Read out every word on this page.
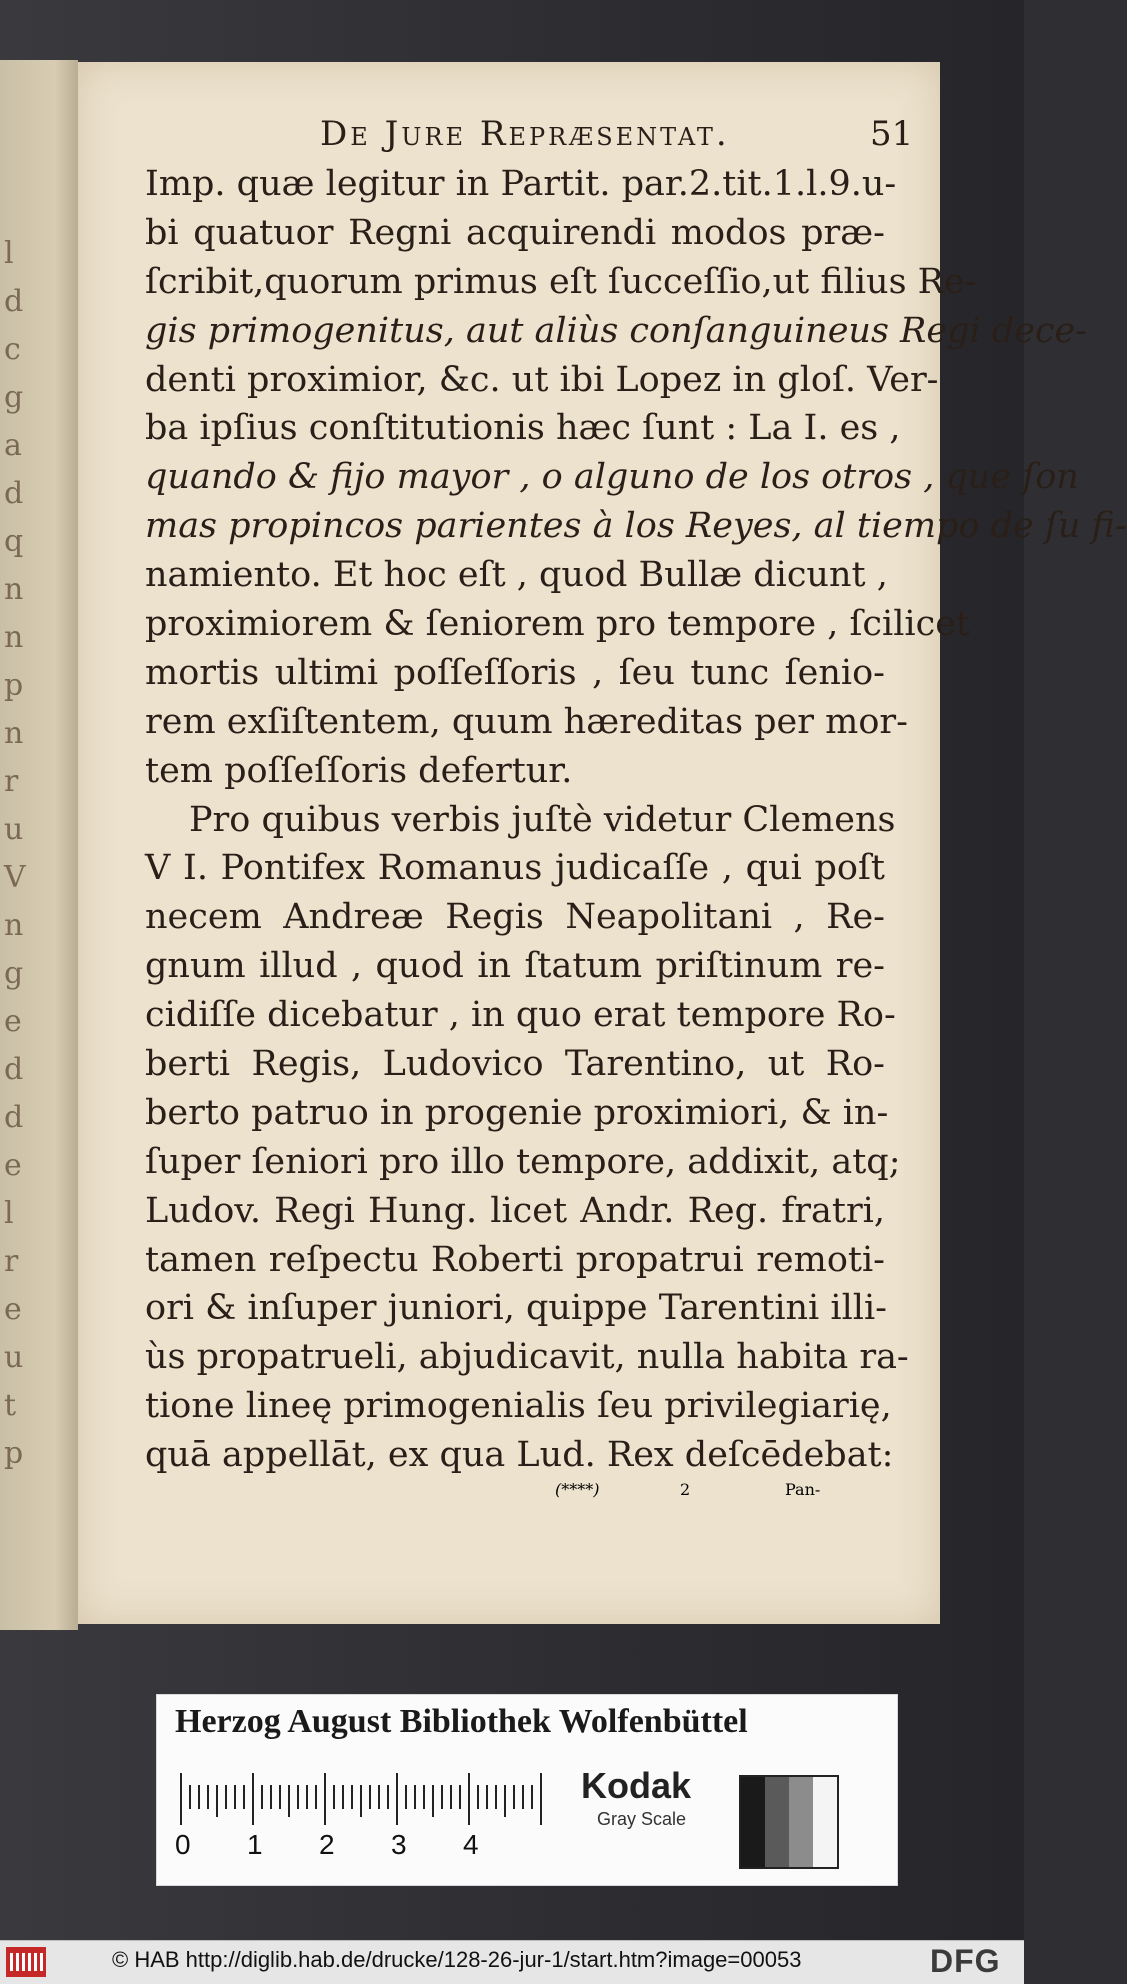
l
d
c
g
a
d
q
n
n
p
n
r
u
V
n
g
e
d
d
e
l
r
e
u
t
p
De Jure Repræsentat.	51
Imp. quæ legitur in Partit. par.2.tit.1.l.9.u-
bi quatuor Regni acquirendi modos præ-
ſcribit,quorum primus eſt ſucceſſio,ut filius Re-
gis primogenitus, aut aliùs conſanguineus Regi dece-
denti proximior, &c. ut ibi Lopez in gloſ. Ver-
ba ipſius conſtitutionis hæc ſunt : La I. es ,
quando & fijo mayor , o alguno de los otros , que ſon
mas propincos parientes à los Reyes, al tiempo de ſu fi-
namiento. Et hoc eſt , quod Bullæ dicunt ,
proximiorem & ſeniorem pro tempore , ſcilicet
mortis ultimi poſſeſſoris , ſeu tunc ſenio-
rem exſiſtentem, quum hæreditas per mor-
tem poſſeſſoris defertur.
Pro quibus verbis juſtè videtur Clemens
V I. Pontifex Romanus judicaſſe , qui poſt
necem Andreæ Regis Neapolitani , Re-
gnum illud , quod in ſtatum priſtinum re-
cidiſſe dicebatur , in quo erat tempore Ro-
berti Regis, Ludovico Tarentino, ut Ro-
berto patruo in progenie proximiori, & in-
ſuper ſeniori pro illo tempore, addixit, atq;
Ludov. Regi Hung. licet Andr. Reg. fratri,
tamen reſpectu Roberti propatrui remoti-
ori & inſuper juniori, quippe Tarentini illi-
ùs propatrueli, abjudicavit, nulla habita ra-
tione lineę primogenialis ſeu privilegiarię,
quā appellāt, ex qua Lud. Rex deſcēdebat:
(****)	2	Pan-
Herzog August Bibliothek Wolfenbüttel
0 1 2 3 4
Kodak
Gray Scale
© HAB http://diglib.hab.de/drucke/128-26-jur-1/start.htm?image=00053	DFG
